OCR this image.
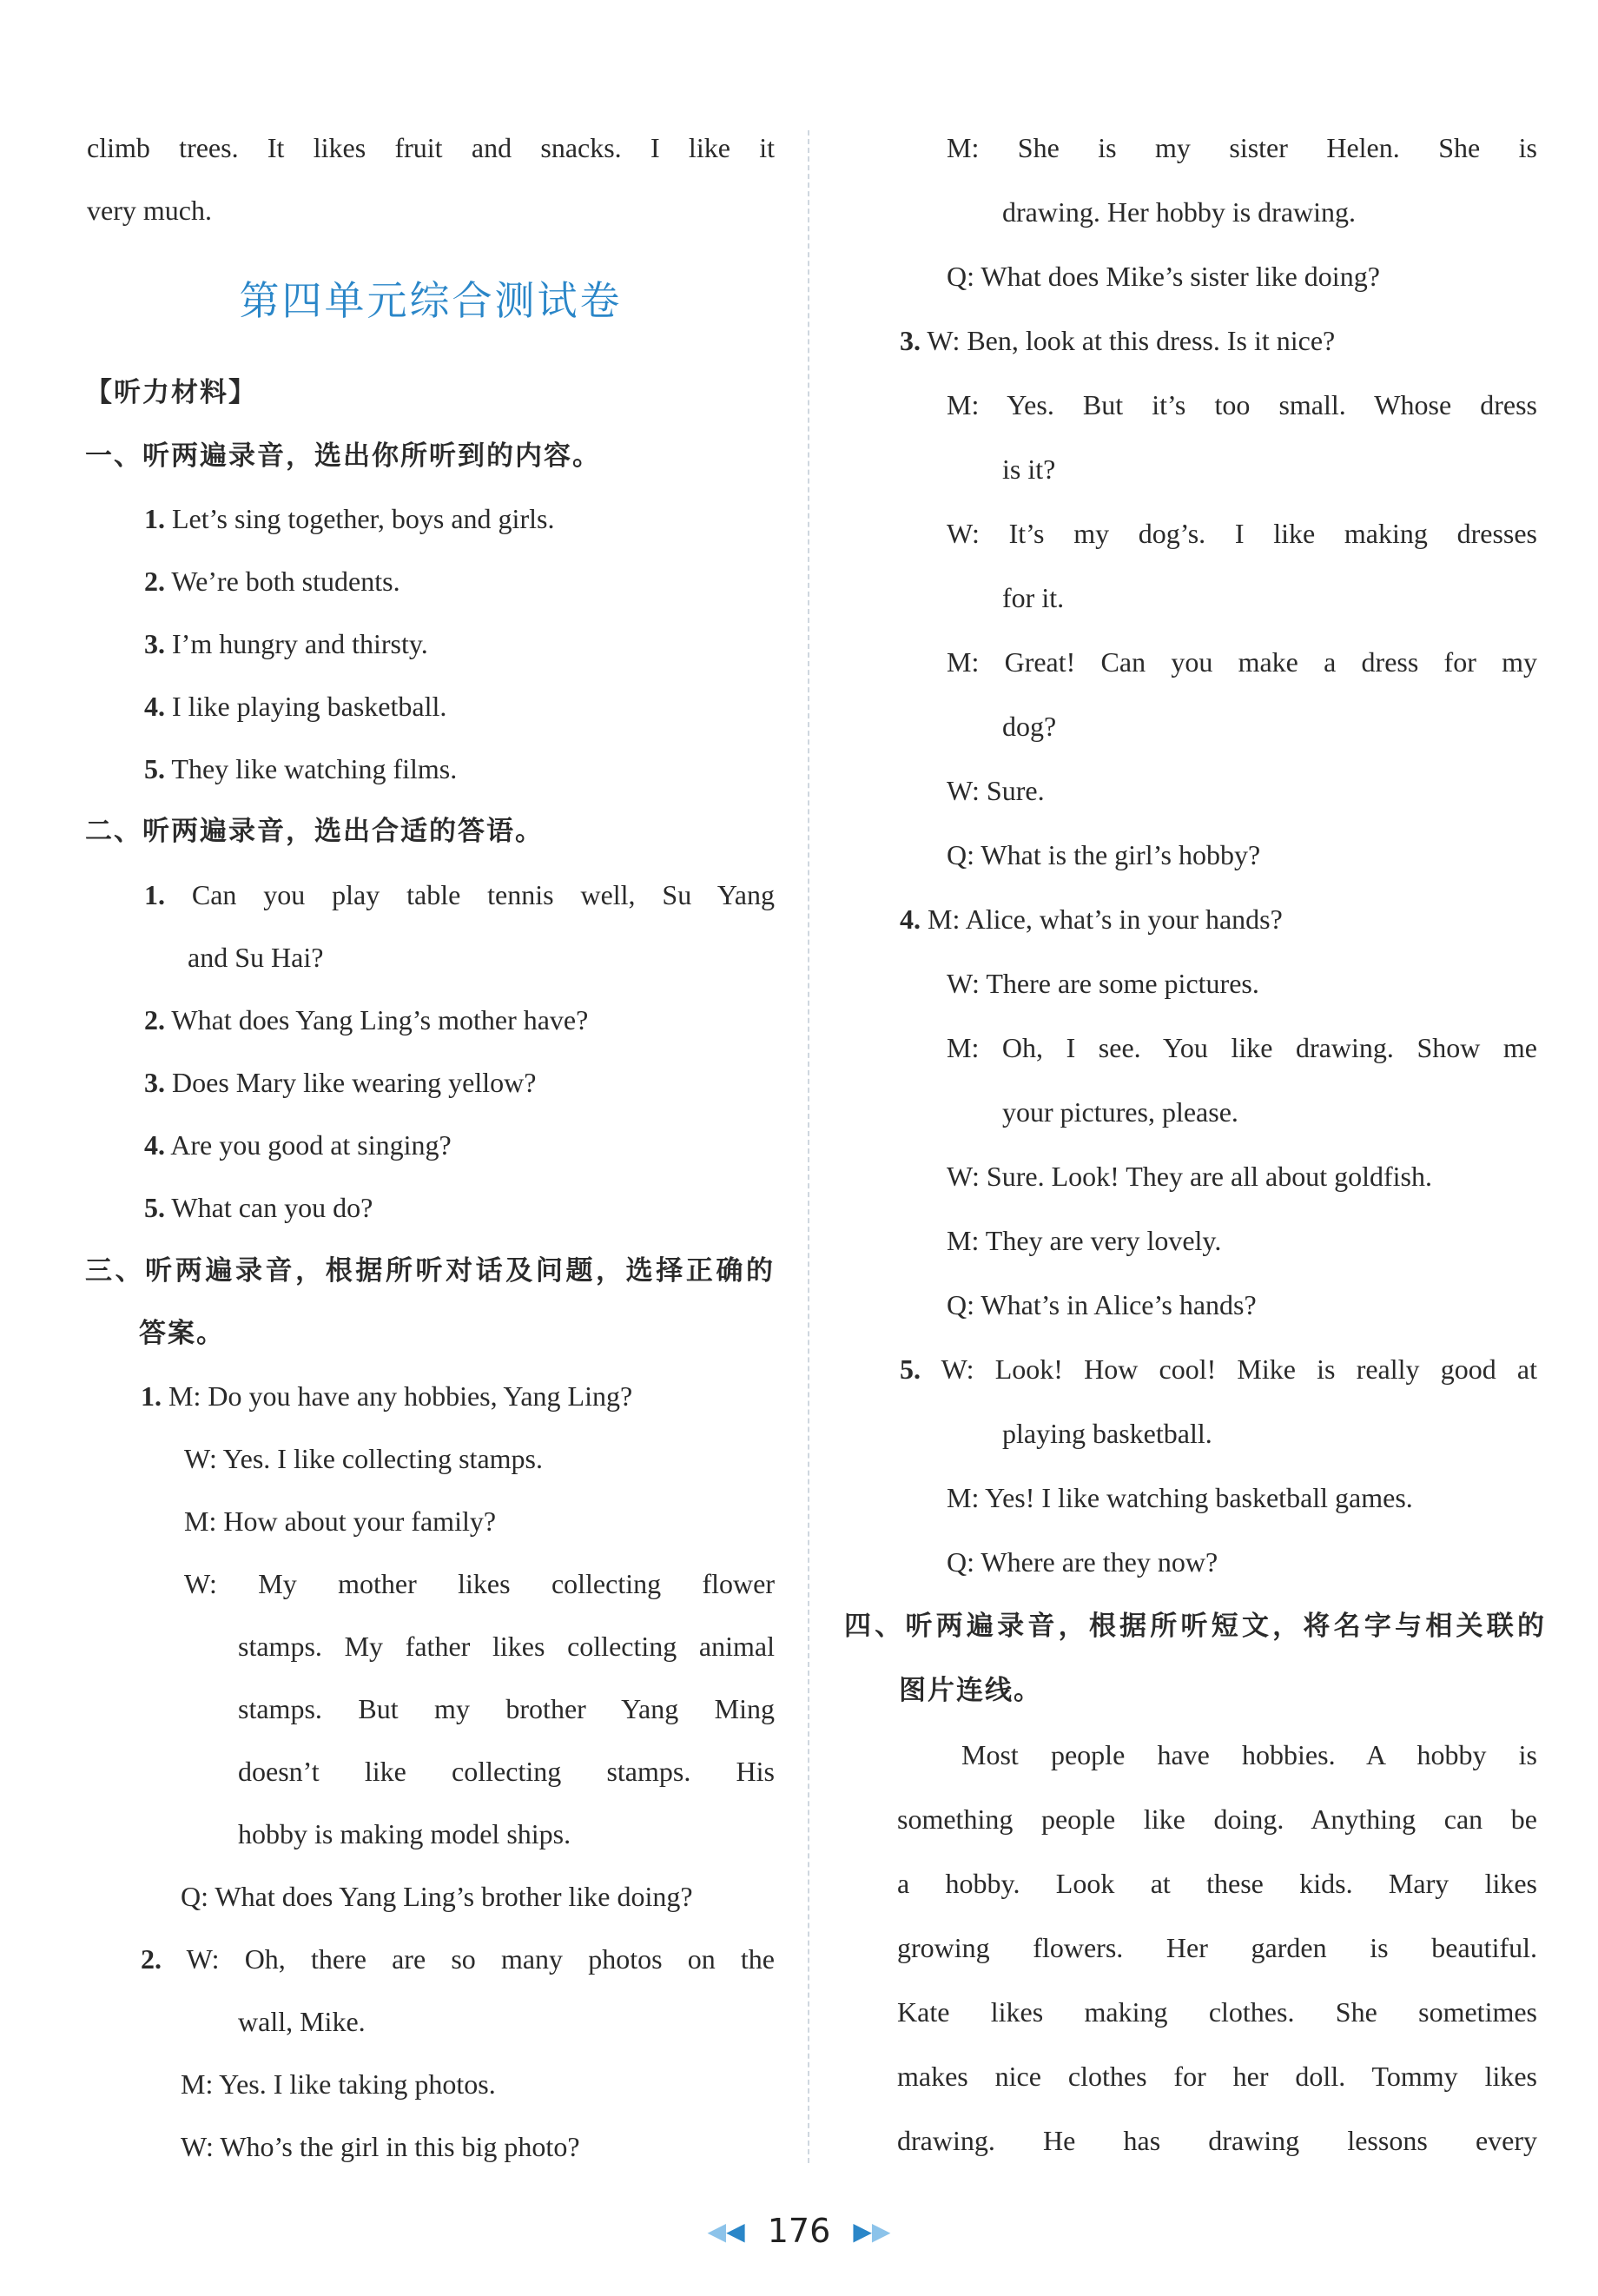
climb trees. It likes fruit and snacks. I like it
very much.
第四单元综合测试卷
【听力材料】
一、听两遍录音，选出你所听到的内容。
1. Let’s sing together, boys and girls.
2. We’re both students.
3. I’m hungry and thirsty.
4. I like playing basketball.
5. They like watching films.
二、听两遍录音，选出合适的答语。
1. Can you play table tennis well, Su Yang
and Su Hai?
2. What does Yang Ling’s mother have?
3. Does Mary like wearing yellow?
4. Are you good at singing?
5. What can you do?
三、听两遍录音，根据所听对话及问题，选择正确的
答案。
1. M: Do you have any hobbies, Yang Ling?
W: Yes. I like collecting stamps.
M: How about your family?
W: My mother likes collecting flower
stamps. My father likes collecting animal
stamps. But my brother Yang Ming
doesn’t like collecting stamps. His
hobby is making model ships.
Q: What does Yang Ling’s brother like doing?
2. W: Oh, there are so many photos on the
wall, Mike.
M: Yes. I like taking photos.
W: Who’s the girl in this big photo?
M: She is my sister Helen. She is
drawing. Her hobby is drawing.
Q: What does Mike’s sister like doing?
3. W: Ben, look at this dress. Is it nice?
M: Yes. But it’s too small. Whose dress
is it?
W: It’s my dog’s. I like making dresses
for it.
M: Great! Can you make a dress for my
dog?
W: Sure.
Q: What is the girl’s hobby?
4. M: Alice, what’s in your hands?
W: There are some pictures.
M: Oh, I see. You like drawing. Show me
your pictures, please.
W: Sure. Look! They are all about goldfish.
M: They are very lovely.
Q: What’s in Alice’s hands?
5. W: Look! How cool! Mike is really good at
playing basketball.
M: Yes! I like watching basketball games.
Q: Where are they now?
四、听两遍录音，根据所听短文，将名字与相关联的
图片连线。
Most people have hobbies. A hobby is
something people like doing. Anything can be
a hobby. Look at these kids. Mary likes
growing flowers. Her garden is beautiful.
Kate likes making clothes. She sometimes
makes nice clothes for her doll. Tommy likes
drawing. He has drawing lessons every
◀◀ 176 ▶▶
